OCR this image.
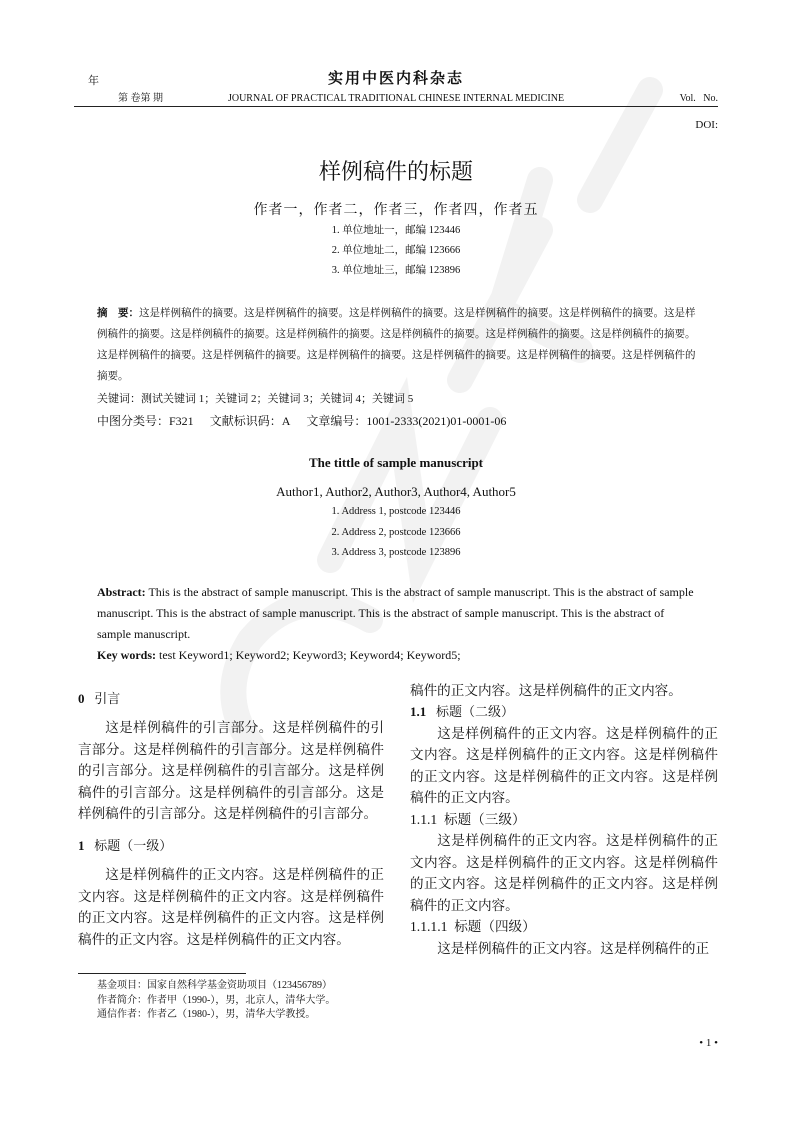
年	实用中医内科杂志
第 卷第 期	JOURNAL OF PRACTICAL TRADITIONAL CHINESE INTERNAL MEDICINE	Vol.   No.
DOI:
样例稿件的标题
作者一，作者二，作者三，作者四，作者五
1. 单位地址一，邮编 123446
2. 单位地址二，邮编 123666
3. 单位地址三，邮编 123896
摘　要：这是样例稿件的摘要。这是样例稿件的摘要。这是样例稿件的摘要。这是样例稿件的摘要。这是样例稿件的摘要。这是样例稿件的摘要。这是样例稿件的摘要。这是样例稿件的摘要。这是样例稿件的摘要。这是样例稿件的摘要。这是样例稿件的摘要。这是样例稿件的摘要。这是样例稿件的摘要。这是样例稿件的摘要。这是样例稿件的摘要。这是样例稿件的摘要。这是样例稿件的摘要。
关键词：测试关键词 1；关键词 2；关键词 3；关键词 4；关键词 5
中图分类号：F321 文献标识码：A 文章编号：1001-2333(2021)01-0001-06
The tittle of sample manuscript
Author1, Author2, Author3, Author4, Author5
1. Address 1, postcode 123446
2. Address 2, postcode 123666
3. Address 3, postcode 123896
Abstract: This is the abstract of sample manuscript. This is the abstract of sample manuscript. This is the abstract of sample manuscript. This is the abstract of sample manuscript. This is the abstract of sample manuscript. This is the abstract of sample manuscript.
Key words: test Keyword1; Keyword2; Keyword3; Keyword4; Keyword5;
0 引言

这是样例稿件的引言部分。这是样例稿件的引言部分。这是样例稿件的引言部分。这是样例稿件的引言部分。这是样例稿件的引言部分。这是样例稿件的引言部分。这是样例稿件的引言部分。这是样例稿件的引言部分。这是样例稿件的引言部分。

1 标题（一级）

这是样例稿件的正文内容。这是样例稿件的正文内容。这是样例稿件的正文内容。这是样例稿件的正文内容。这是样例稿件的正文内容。这是样例稿件的正文内容。这是样例稿件的正文内容。

稿件的正文内容。这是样例稿件的正文内容。
1.1 标题（二级）

这是样例稿件的正文内容。这是样例稿件的正文内容。这是样例稿件的正文内容。这是样例稿件的正文内容。这是样例稿件的正文内容。这是样例稿件的正文内容。

1.1.1 标题（三级）

这是样例稿件的正文内容。这是样例稿件的正文内容。这是样例稿件的正文内容。这是样例稿件的正文内容。这是样例稿件的正文内容。这是样例稿件的正文内容。

1.1.1.1 标题（四级）

这是样例稿件的正文内容。这是样例稿件的正

基金项目：国家自然科学基金资助项目（123456789）
作者简介：作者甲（1990-），男，北京人，清华大学。
通信作者：作者乙（1980-），男，清华大学教授。
• 1 •
